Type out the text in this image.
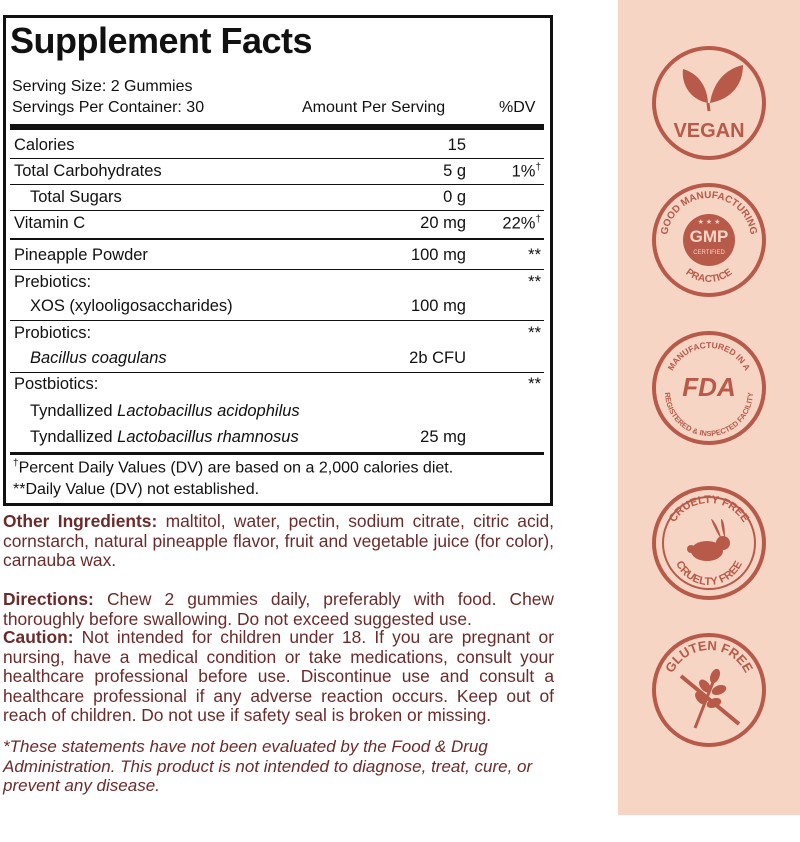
Supplement Facts
Serving Size: 2 Gummies
Servings Per Container: 30	Amount Per Serving	%DV
Calories	15
Total Carbohydrates	5 g	1%†
Total Sugars	0 g
Vitamin C	20 mg 22%†
Pineapple Powder	100 mg	**
Prebiotics:	**
XOS (xylooligosaccharides)	100 mg
Probiotics:	**
Bacillus coagulans	2b CFU
Postbiotics:	**
Tyndallized Lactobacillus acidophilus
Tyndallized Lactobacillus rhamnosus	25 mg
†Percent Daily Values (DV) are based on a 2,000 calories diet.
**Daily Value (DV) not established.
Other Ingredients: maltitol, water, pectin, sodium citrate, citric acid, cornstarch, natural pineapple flavor, fruit and vegetable juice (for color), carnauba wax.
Directions: Chew 2 gummies daily, preferably with food. Chew thoroughly before swallowing. Do not exceed suggested use.
Caution: Not intended for children under 18. If you are pregnant or nursing, have a medical condition or take medications, consult your healthcare professional before use. Discontinue use and consult a healthcare professional if any adverse reaction occurs. Keep out of reach of children. Do not use if safety seal is broken or missing.
*These statements have not been evaluated by the Food & Drug Administration. This product is not intended to diagnose, treat, cure, or prevent any disease.
VEGAN
GOOD MANUFACTURING
GMP
CERTIFIED
★ ★ ★
PRACTICE
MANUFACTURED IN A
FDA
REGISTERED & INSPECTED FACILITY
CRUELTY FREE
CRUELTY FREE
GLUTEN FREE
